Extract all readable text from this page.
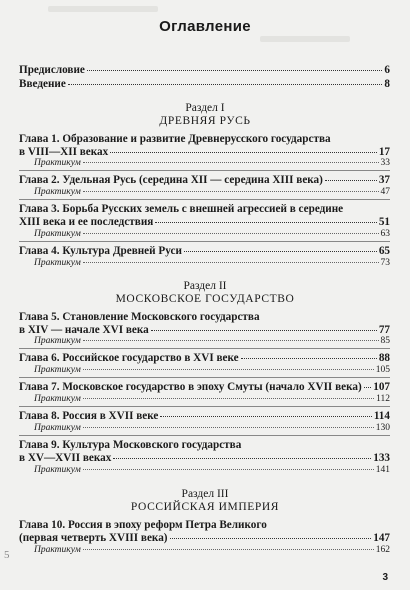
Оглавление
Предисловие	6
Введение	8
Раздел I
ДРЕВНЯЯ РУСЬ
Глава 1. Образование и развитие Древнерусского государства
в VIII—XII веках	17
Практикум	33
Глава 2. Удельная Русь (середина XII — середина XIII века)	37
Практикум	47
Глава 3. Борьба Русских земель с внешней агрессией в середине
XIII века и ее последствия	51
Практикум	63
Глава 4. Культура Древней Руси	65
Практикум	73
Раздел II
МОСКОВСКОЕ ГОСУДАРСТВО
Глава 5. Становление Московского государства
в XIV — начале XVI века	77
Практикум	85
Глава 6. Российское государство в XVI веке	88
Практикум	105
Глава 7. Московское государство в эпоху Смуты (начало XVII века) 107
Практикум	112
Глава 8. Россия в XVII веке	114
Практикум	130
Глава 9. Культура Московского государства
в XV—XVII веках	133
Практикум	141
Раздел III
РОССИЙСКАЯ ИМПЕРИЯ
Глава 10. Россия в эпоху реформ Петра Великого
(первая четверть XVIII века)	147
Практикум	162
5
3
